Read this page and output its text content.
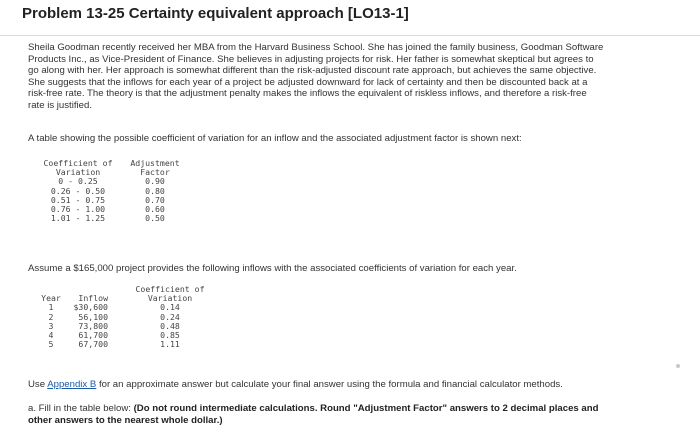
Problem 13-25 Certainty equivalent approach [LO13-1]
Sheila Goodman recently received her MBA from the Harvard Business School. She has joined the family business, Goodman Software
Products Inc., as Vice-President of Finance. She believes in adjusting projects for risk. Her father is somewhat skeptical but agrees to
go along with her. Her approach is somewhat different than the risk-adjusted discount rate approach, but achieves the same objective.
She suggests that the inflows for each year of a project be adjusted downward for lack of certainty and then be discounted back at a
risk-free rate. The theory is that the adjustment penalty makes the inflows the equivalent of riskless inflows, and therefore a risk-free
rate is justified.
A table showing the possible coefficient of variation for an inflow and the associated adjustment factor is shown next:
Coefficient of	Adjustment
Variation	Factor
0 - 0.25	0.90
0.26 - 0.50	0.80
0.51 - 0.75	0.70
0.76 - 1.00	0.60
1.01 - 1.25	0.50
Assume a $165,000 project provides the following inflows with the associated coefficients of variation for each year.
Coefficient of
Year	Inflow	Variation
1	$30,600	0.14
2	56,100	0.24
3	73,800	0.48
4	61,700	0.85
5	67,700	1.11
Use Appendix B for an approximate answer but calculate your final answer using the formula and financial calculator methods.
a. Fill in the table below: (Do not round intermediate calculations. Round "Adjustment Factor" answers to 2 decimal places and
other answers to the nearest whole dollar.)
